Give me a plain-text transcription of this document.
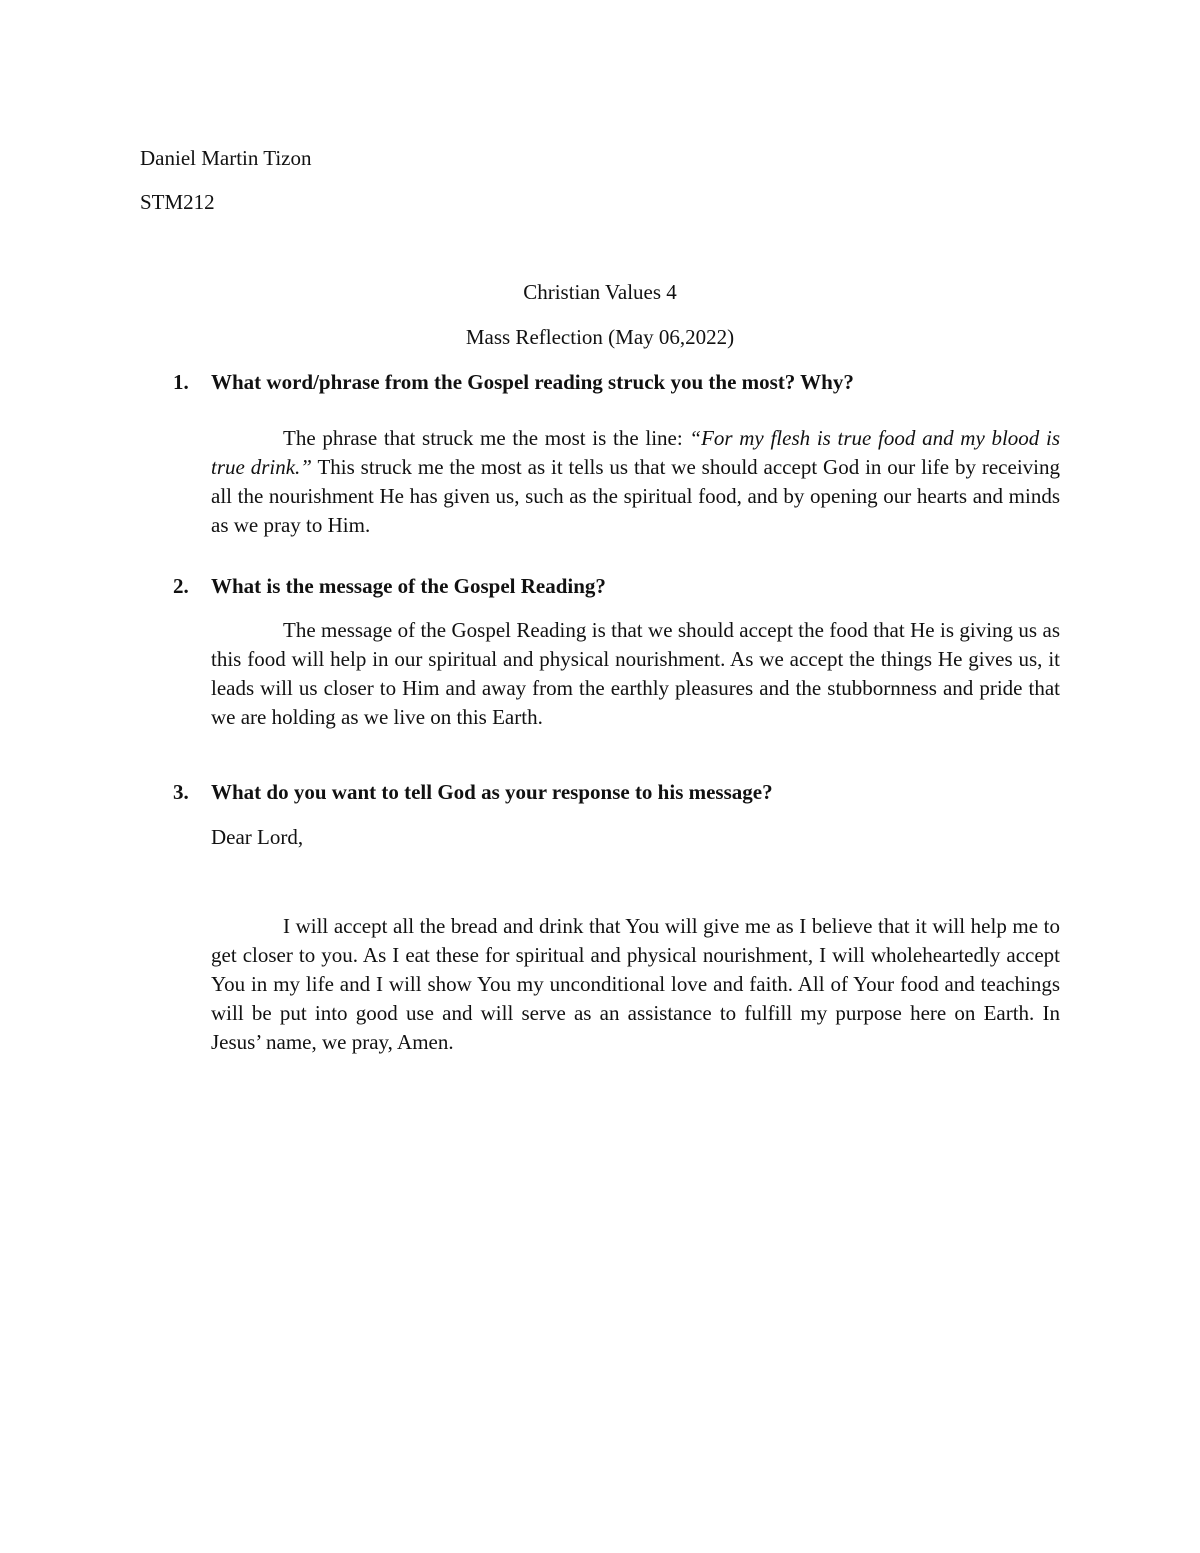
Daniel Martin Tizon
STM212
Christian Values 4
Mass Reflection (May 06,2022)
1. What word/phrase from the Gospel reading struck you the most? Why?
The phrase that struck me the most is the line: “For my flesh is true food and my blood is true drink.” This struck me the most as it tells us that we should accept God in our life by receiving all the nourishment He has given us, such as the spiritual food, and by opening our hearts and minds as we pray to Him.
2. What is the message of the Gospel Reading?
The message of the Gospel Reading is that we should accept the food that He is giving us as this food will help in our spiritual and physical nourishment. As we accept the things He gives us, it leads will us closer to Him and away from the earthly pleasures and the stubbornness and pride that we are holding as we live on this Earth.
3. What do you want to tell God as your response to his message?
Dear Lord,
I will accept all the bread and drink that You will give me as I believe that it will help me to get closer to you. As I eat these for spiritual and physical nourishment, I will wholeheartedly accept You in my life and I will show You my unconditional love and faith. All of Your food and teachings will be put into good use and will serve as an assistance to fulfill my purpose here on Earth. In Jesus’ name, we pray, Amen.
